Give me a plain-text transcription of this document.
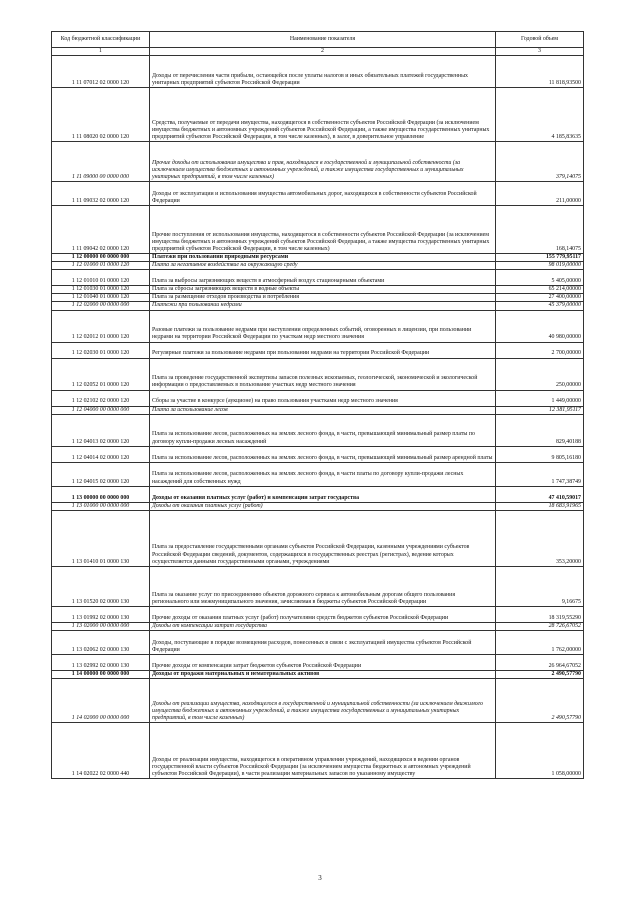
Код бюджетной классификации	Наименование показателя	Годовой объем
1	2	3
1 11 07012 02 0000 120	Доходы от перечисления части прибыли, остающейся после уплаты налогов и иных обязательных платежей государственных унитарных предприятий субъектов Российской Федерации	11 818,93500
1 11 08020 02 0000 120	Средства, получаемые от передачи имущества, находящегося в собственности субъектов Российской Федерации (за исключением имущества бюджетных и автономных учреждений субъектов Российской Федерации, а также имущества государственных унитарных предприятий субъектов Российской Федерации, в том числе казенных), в залог, в доверительное управление	4 185,83635
1 11 09000 00 0000 000	Прочие доходы от использования имущества и прав, находящихся в государственной и муниципальной собственности (за исключением имущества бюджетных и автономных учреждений, а также имущества государственных и муниципальных унитарных предприятий, в том числе казенных)	379,14075
1 11 09032 02 0000 120	Доходы от эксплуатации и использования имущества автомобильных дорог, находящихся в собственности субъектов Российской Федерации	211,00000
1 11 09042 02 0000 120	Прочие поступления от использования имущества, находящегося в собственности субъектов Российской Федерации (за исключением имущества бюджетных и автономных учреждений субъектов Российской Федерации, а также имущества государственных унитарных предприятий субъектов Российской Федерации, в том числе казенных)	168,14075
1 12 00000 00 0000 000	Платежи при пользовании природными ресурсами	155 779,95117
1 12 01000 01 0000 120	Плата за негативное воздействие на окружающую среду	98 019,00000
1 12 01010 01 0000 120	Плата за выбросы загрязняющих веществ в атмосферный воздух стационарными объектами	5 405,00000
1 12 01030 01 0000 120	Плата за сбросы загрязняющих веществ в водные объекты	65 214,00000
1 12 01040 01 0000 120	Плата за размещение отходов производства и потребления	27 400,00000
1 12 02000 00 0000 000	Платежи при пользовании недрами	45 379,00000
1 12 02012 01 0000 120	Разовые платежи за пользование недрами при наступлении определенных событий, оговоренных в лицензии, при пользовании недрами на территории Российской Федерации по участкам недр местного значения	40 980,00000
1 12 02030 01 0000 120	Регулярные платежи за пользование недрами при пользовании недрами на территории Российской Федерации	2 700,00000
1 12 02052 01 0000 120	Плата за проведение государственной экспертизы запасов полезных ископаемых, геологической, экономической и экологической информации о предоставляемых в пользование участках недр местного значения	250,00000
1 12 02102 02 0000 120	Сборы за участие в конкурсе (аукционе) на право пользования участками недр местного значения	1 449,00000
1 12 04000 00 0000 000	Плата за использование лесов	12 381,95117
1 12 04013 02 0000 120	Плата за использование лесов, расположенных на землях лесного фонда, в части, превышающей минимальный размер платы по договору купли-продажи лесных насаждений	829,40188
1 12 04014 02 0000 120	Плата за использование лесов, расположенных на землях лесного фонда, в части, превышающей минимальный размер арендной платы	9 805,16180
1 12 04015 02 0000 120	Плата за использование лесов, расположенных на землях лесного фонда, в части платы по договору купли-продажи лесных насаждений для собственных нужд	1 747,38749
1 13 00000 00 0000 000	Доходы от оказания платных услуг (работ) и компенсации затрат государства	47 410,59017
1 13 01000 00 0000 000	Доходы от оказания платных услуг (работ)	18 683,91965
1 13 01410 01 0000 130	Плата за предоставление государственными органами субъектов Российской Федерации, казенными учреждениями субъектов Российской Федерации сведений, документов, содержащихся в государственных реестрах (регистрах), ведение которых осуществляется данными государственными органами, учреждениями	353,20000
1 13 01520 02 0000 130	Плата за оказание услуг по присоединению объектов дорожного сервиса к автомобильным дорогам общего пользования регионального или межмуниципального значения, зачисляемая в бюджеты субъектов Российской Федерации	9,16675
1 13 01992 02 0000 130	Прочие доходы от оказания платных услуг (работ) получателями средств бюджетов субъектов Российской Федерации	18 319,55290
1 13 02000 00 0000 000	Доходы от компенсации затрат государства	28 726,67052
1 13 02062 02 0000 130	Доходы, поступающие в порядке возмещения расходов, понесенных в связи с эксплуатацией имущества субъектов Российской Федерации	1 762,00000
1 13 02992 02 0000 130	Прочие доходы от компенсации затрат бюджетов субъектов Российской Федерации	26 964,67052
1 14 00000 00 0000 000	Доходы от продажи материальных и нематериальных активов	2 490,57790
1 14 02000 00 0000 000	Доходы от реализации имущества, находящегося в государственной и муниципальной собственности (за исключением движимого имущества бюджетных и автономных учреждений, а также имущества государственных и муниципальных унитарных предприятий, в том числе казенных)	2 490,57790
1 14 02022 02 0000 440	Доходы от реализации имущества, находящегося в оперативном управлении учреждений, находящихся в ведении органов государственной власти субъектов Российской Федерации (за исключением имущества бюджетных и автономных учреждений субъектов Российской Федерации), в части реализации материальных запасов по указанному имуществу	1 058,00000
3
